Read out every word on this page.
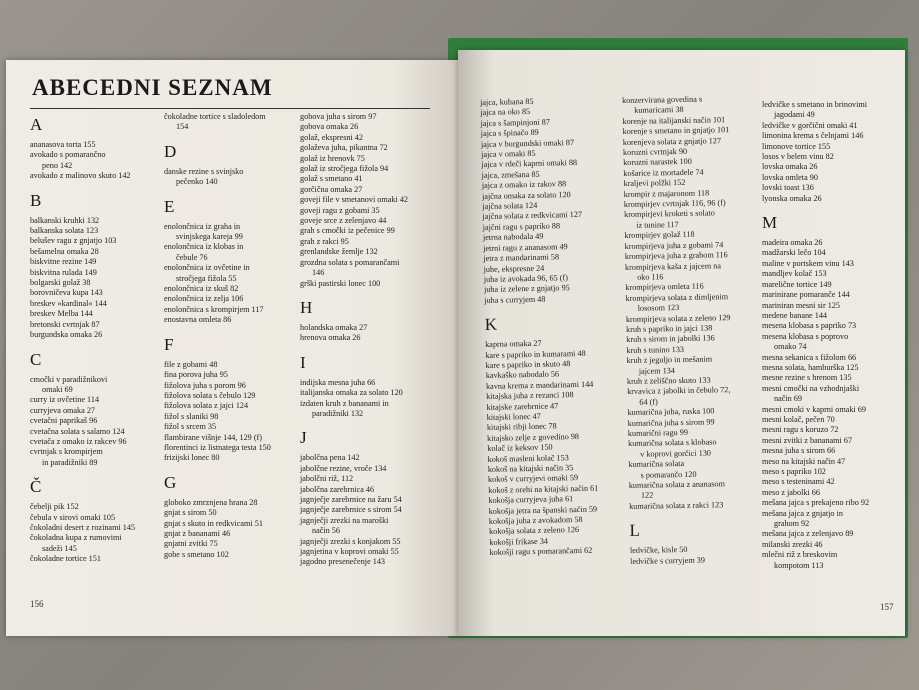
ABECEDNI SEZNAM
A
ananasova torta 155
avokado s pomarančno
peno 142
avokado z malinovo skuto 142
B
balkanski kruhki 132
balkanska solata 123
belušev ragu z gnjatjo 103
bešamelna omaka 28
biskvitne rezine 149
biskvitna rulada 149
bolgarski golaž 38
borovničeva kupa 143
breskev »kardinal« 144
breskev Melba 144
bretonski cvrtnjak 87
burgundska omaka 26
C
cmočki v paradižnikovi
omaki 69
curry iz ovčetine 114
curryjeva omaka 27
cvetačni paprikaš 96
cvetačna solata s salamo 124
cvetača z omako iz rakcev 96
cvrtnjak s krompirjem
in paradižniki 89
Č
čebelji pik 152
čebula v sirovi omaki 105
čokoladni desert z rozinami 145
čokoladna kupa z rumovimi
sadeži 145
čokoladne tortice 151
čokoladne tortice s sladoledom
154
D
danske rezine s svinjsko
pečenko 140
E
enolončnica iz graha in
svinjskega kareja 99
enolončnica iz klobas in
čebule 76
enolončnica iz ovčetine in
stročjega fižola 55
enolončnica iz skuš 82
enolončnica iz zelja 106
enolončnica s krompirjem 117
enostavna omleta 86
F
file z gobami 48
fina porova juha 95
fižolova juha s porom 96
fižolova solata s čebulo 129
fižolova solata z jajci 124
fižol s slaniki 98
fižol s srcem 35
flambirane višnje 144, 129 (f)
florentinci iz listnatega testa 150
frizijski lonec 80
G
globoko zmrznjena hrana 28
gnjat s sirom 50
gnjat s skuto in redkvicami 51
gnjat z bananami 46
gnjatni zvitki 75
gobe s smetano 102
gobova juha s sirom 97
gobova omaka 26
golaž, ekspresni 42
golaževa juha, pikantna 72
golaž iz hrenovk 75
golaž iz stročjega fižola 94
golaž s smetano 41
gorčična omaka 27
goveji file v smetanovi omaki 42
goveji ragu z gobami 35
goveje srce z zelenjavo 44
grah s cmočki iz pečenice 99
grah z rakci 95
grenlandske žemlje 132
grozdna solata s pomarančami
146
grški pastirski lonec 100
H
holandska omaka 27
hrenova omaka 26
I
indijska mesna juha 66
italijanska omaka za solato 120
izdaten kruh z bananami in
paradižniki 132
J
jabolčna pena 142
jabolčne rezine, vroče 134
jabolčni riž, 112
jabolčna zarebrnica 46
jagnječje zarebrnice na žaru 54
jagnječje zarebrnice s sirom 54
jagnječji zrezki na maroški
način 56
jagnječji zrezki s konjakom 55
jagnjetina v koprovi omaki 55
jagodno presenečenje 143
jajca, kuhana 85
jajca na oko 85
jajca s šampinjoni 87
jajca s špinačo 89
jajca v burgundski omaki 87
jajca v omaki 85
jajca v rdeči kaprni omaki 88
jajca, zmešana 85
jajca z omako iz rakov 88
jajčna omaka za solato 120
jajčna solata 124
jajčna solata z redkvicami 127
jajčni ragu s papriko 88
jetrna nabodala 49
jetrni ragu z ananasom 49
jetra z mandarinami 58
juhe, ekspresne 24
juha iz avokada 96, 65 (f)
juha iz zelene z gnjatjo 95
juha s curryjem 48
K
kaprna omaka 27
kare s papriko in kumarami 48
kare s papriko in skuto 48
kavkaško nabodalo 56
kavna krema z mandarinami 144
kitajska juha z rezanci 108
kitajske zarebrnice 47
kitajski lonec 47
kitajski ribji lonec 78
kitajsko zelje z govedino 98
kolač iz keksov 150
kokoš masleni kolač 153
kokoš na kitajski način 35
kokoš v curryjevi omaki 59
kokoš z orehi na kitajski način 61
kokošja curryjeva juha 61
kokošja jetra na španski način 59
kokošja juha z avokadom 58
kokošja solata z zeleno 126
kokošji frikase 34
kokošji ragu s pomarančami 62
konzervirana govedina s
kumaricami 38
korenje na italijanski način 101
korenje s smetano in gnjatjo 101
korenjeva solata z gnjatjo 127
koruzni cvrtnjak 90
koruzni narastek 100
košarice iz mortadele 74
kraljevi polžki 152
krompir z majaronom 118
krompirjev cvrtnjak 116, 96 (f)
krompirjevi kroketi s solato
iz tunine 117
krompirjev golaž 118
krompirjeva juha z gobami 74
krompirjeva juha z grahom 116
krompirjeva kaša z jajcem na
oko 116
krompirjeva omleta 116
krompirjeva solata z dimljenim
lososom 123
krompirjeva solata z zeleno 129
kruh s papriko in jajci 138
kruh s sirom in jabolki 136
kruh s tunino 133
kruh z jeguljo in mešanim
jajcem 134
kruh z zeliščno skuto 133
krvavica z jabolki in čebulo 72,
64 (f)
kumarična juha, ruska 100
kumarična juha s sirom 99
kumarični ragu 99
kumarična solata s klobaso
v koprovi gorčici 130
kumarična solata
s pomarančo 120
kumarična solata z ananasom
122
kumarična solata z rakci 123
L
ledvičke, kisle 50
ledvičke s curryjem 39
ledvičke s smetano in brinovimi
jagodami 49
ledvičke v gorčični omaki 41
limonina krema s čelnjami 146
limonove tortice 155
losos v belem vinu 82
lovska omaka 26
lovska omleta 90
lovski toast 136
lyonska omaka 26
M
madeira omaka 26
madžarski lečo 104
maline v portskem vinu 143
mandljev kolač 153
marelične tortice 149
marinirane pomaranče 144
mariniran mesni sir 125
medene banane 144
mesena klobasa s papriko 73
mesena klobasa s poprovo
omako 74
mesna sekanica s fižolom 66
mesna solata, hamburška 125
mesne rezine s hrenom 135
mesni cmočki na vzhodnjaški
način 69
mesni cmoki v kaprni omaki 69
mesni kolač, pečen 70
mesni ragu s koruzo 72
mesni zvitki z bananami 67
mesna juha s sirom 66
meso na kitajski način 47
meso s papriko 102
meso s testeninami 42
meso z jabolki 66
mešana jajca s prekajeno ribo 92
mešana jajca z gnjatjo in
grahom 92
mešana jajca z zelenjavo 89
milanski zrezki 46
mlečni riž z breskovim
kompotom 113
156	157
